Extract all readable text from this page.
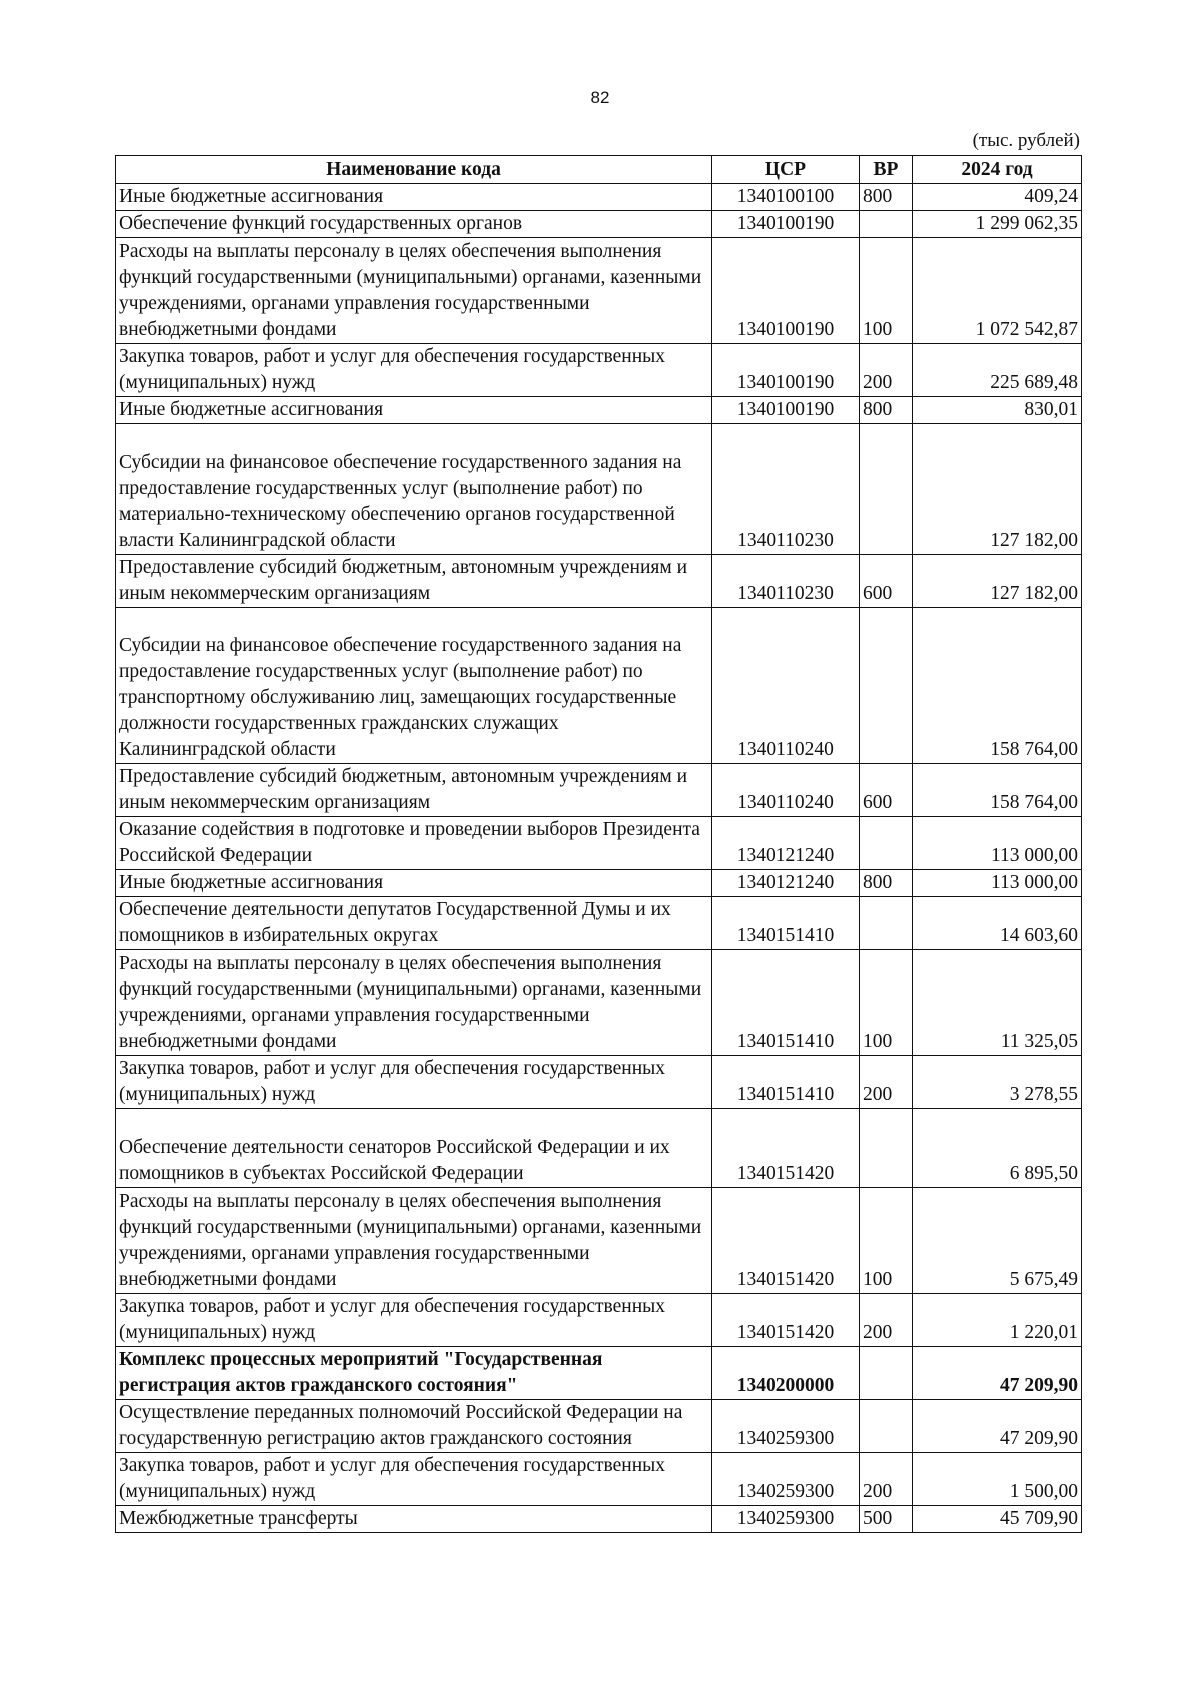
82
(тыс. рублей)
Наименование кода	ЦСР	ВР	2024 год
Иные бюджетные ассигнования	1340100100	800	409,24
Обеспечение функций государственных органов	1340100190		1 299 062,35
Расходы на выплаты персоналу в целях обеспечения выполнения функций государственными (муниципальными) органами, казенными учреждениями, органами управления государственными внебюджетными фондами	1340100190	100	1 072 542,87
Закупка товаров, работ и услуг для обеспечения государственных (муниципальных) нужд	1340100190	200	225 689,48
Иные бюджетные ассигнования	1340100190	800	830,01
Субсидии на финансовое обеспечение государственного задания на предоставление государственных услуг (выполнение работ) по материально-техническому обеспечению органов государственной власти Калининградской области	1340110230		127 182,00
Предоставление субсидий бюджетным, автономным учреждениям и иным некоммерческим организациям	1340110230	600	127 182,00
Субсидии на финансовое обеспечение государственного задания на предоставление государственных услуг (выполнение работ) по транспортному обслуживанию лиц, замещающих государственные должности государственных гражданских служащих Калининградской области	1340110240		158 764,00
Предоставление субсидий бюджетным, автономным учреждениям и иным некоммерческим организациям	1340110240	600	158 764,00
Оказание содействия в подготовке и проведении выборов Президента Российской Федерации	1340121240		113 000,00
Иные бюджетные ассигнования	1340121240	800	113 000,00
Обеспечение деятельности депутатов Государственной Думы и их помощников в избирательных округах	1340151410		14 603,60
Расходы на выплаты персоналу в целях обеспечения выполнения функций государственными (муниципальными) органами, казенными учреждениями, органами управления государственными внебюджетными фондами	1340151410	100	11 325,05
Закупка товаров, работ и услуг для обеспечения государственных (муниципальных) нужд	1340151410	200	3 278,55
Обеспечение деятельности сенаторов Российской Федерации и их помощников в субъектах Российской Федерации	1340151420		6 895,50
Расходы на выплаты персоналу в целях обеспечения выполнения функций государственными (муниципальными) органами, казенными учреждениями, органами управления государственными внебюджетными фондами	1340151420	100	5 675,49
Закупка товаров, работ и услуг для обеспечения государственных (муниципальных) нужд	1340151420	200	1 220,01
Комплекс процессных мероприятий "Государственная регистрация актов гражданского состояния"	1340200000		47 209,90
Осуществление переданных полномочий Российской Федерации на государственную регистрацию актов гражданского состояния	1340259300		47 209,90
Закупка товаров, работ и услуг для обеспечения государственных (муниципальных) нужд	1340259300	200	1 500,00
Межбюджетные трансферты	1340259300	500	45 709,90
